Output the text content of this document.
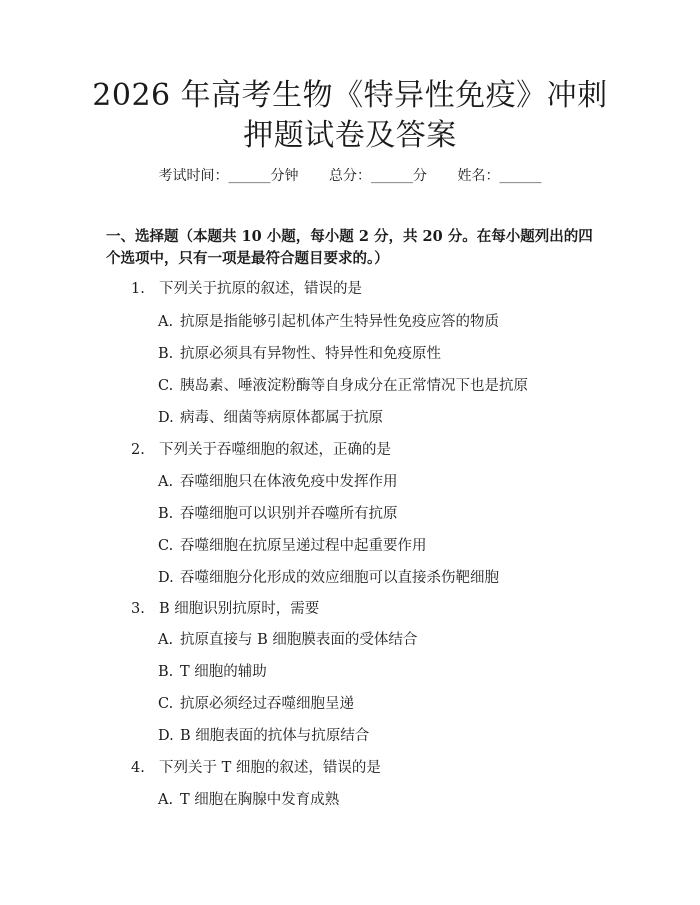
2026 年高考生物《特异性免疫》冲刺押题试卷及答案
考试时间：______分钟 总分：______分 姓名：______

一、选择题（本题共 10 小题，每小题 2 分，共 20 分。在每小题列出的四个选项中，只有一项是最符合题目要求的。）

1. 下列关于抗原的叙述，错误的是
A. 抗原是指能够引起机体产生特异性免疫应答的物质
B. 抗原必须具有异物性、特异性和免疫原性
C. 胰岛素、唾液淀粉酶等自身成分在正常情况下也是抗原
D. 病毒、细菌等病原体都属于抗原
2. 下列关于吞噬细胞的叙述，正确的是
A. 吞噬细胞只在体液免疫中发挥作用
B. 吞噬细胞可以识别并吞噬所有抗原
C. 吞噬细胞在抗原呈递过程中起重要作用
D. 吞噬细胞分化形成的效应细胞可以直接杀伤靶细胞
3. B 细胞识别抗原时，需要
A. 抗原直接与 B 细胞膜表面的受体结合
B. T 细胞的辅助
C. 抗原必须经过吞噬细胞呈递
D. B 细胞表面的抗体与抗原结合
4. 下列关于 T 细胞的叙述，错误的是
A. T 细胞在胸腺中发育成熟
